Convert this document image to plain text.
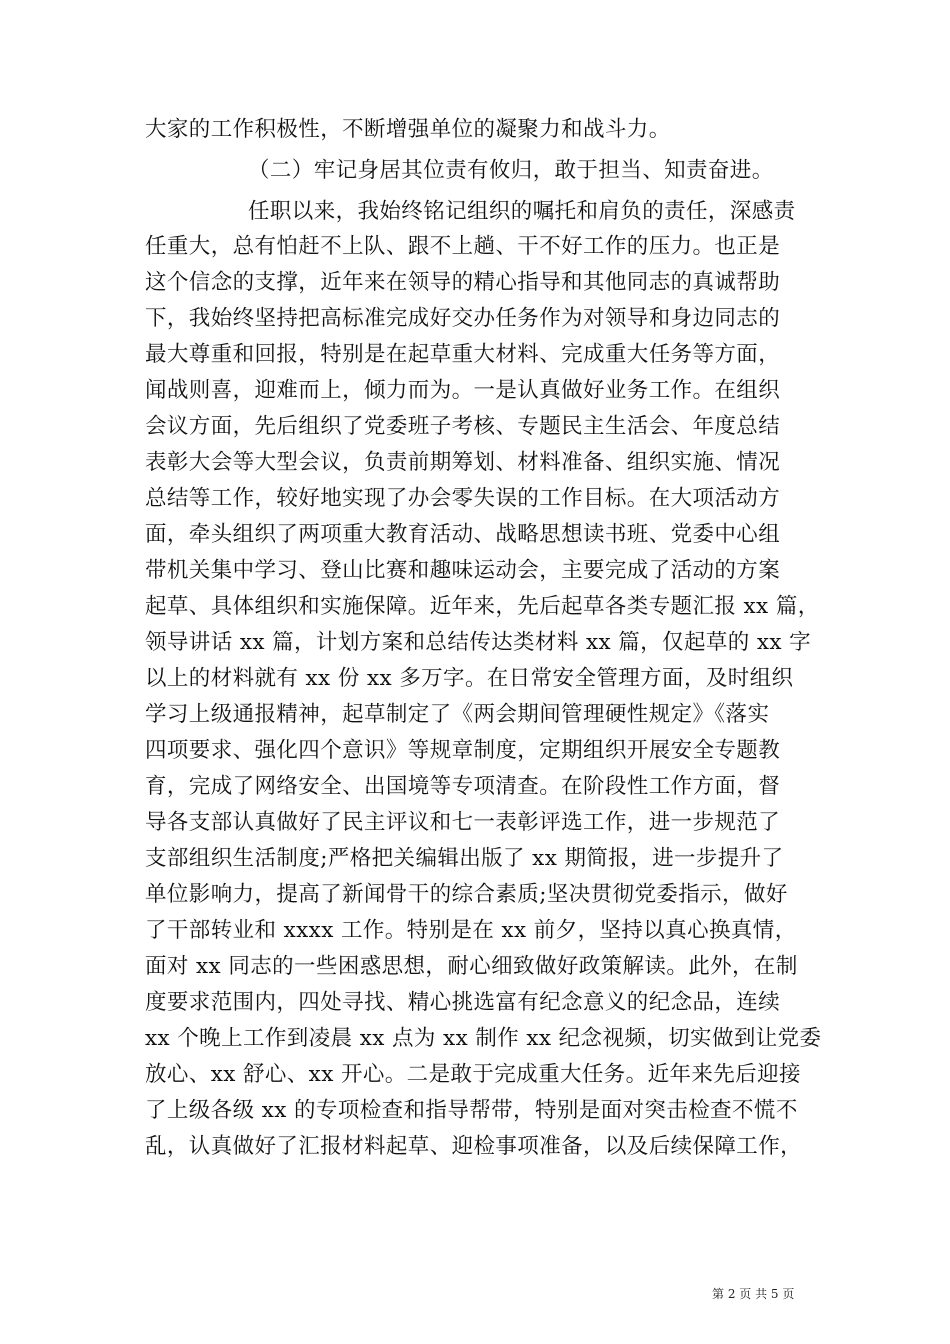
大家的工作积极性，不断增强单位的凝聚力和战斗力。
（二）牢记身居其位责有攸归，敢于担当、知责奋进。
任职以来，我始终铭记组织的嘱托和肩负的责任，深感责
任重大，总有怕赶不上队、跟不上趟、干不好工作的压力。也正是
这个信念的支撑，近年来在领导的精心指导和其他同志的真诚帮助
下，我始终坚持把高标准完成好交办任务作为对领导和身边同志的
最大尊重和回报，特别是在起草重大材料、完成重大任务等方面，
闻战则喜，迎难而上，倾力而为。一是认真做好业务工作。在组织
会议方面，先后组织了党委班子考核、专题民主生活会、年度总结
表彰大会等大型会议，负责前期筹划、材料准备、组织实施、情况
总结等工作，较好地实现了办会零失误的工作目标。在大项活动方
面，牵头组织了两项重大教育活动、战略思想读书班、党委中心组
带机关集中学习、登山比赛和趣味运动会，主要完成了活动的方案
起草、具体组织和实施保障。近年来，先后起草各类专题汇报 xx 篇，
领导讲话 xx 篇，计划方案和总结传达类材料 xx 篇，仅起草的 xx 字
以上的材料就有 xx 份 xx 多万字。在日常安全管理方面，及时组织
学习上级通报精神，起草制定了《两会期间管理硬性规定》《落实
四项要求、强化四个意识》等规章制度，定期组织开展安全专题教
育，完成了网络安全、出国境等专项清查。在阶段性工作方面，督
导各支部认真做好了民主评议和七一表彰评选工作，进一步规范了
支部组织生活制度;严格把关编辑出版了 xx 期简报，进一步提升了
单位影响力，提高了新闻骨干的综合素质;坚决贯彻党委指示，做好
了干部转业和 xxxx 工作。特别是在 xx 前夕，坚持以真心换真情，
面对 xx 同志的一些困惑思想，耐心细致做好政策解读。此外，在制
度要求范围内，四处寻找、精心挑选富有纪念意义的纪念品，连续
xx 个晚上工作到凌晨 xx 点为 xx 制作 xx 纪念视频，切实做到让党委
放心、xx 舒心、xx 开心。二是敢于完成重大任务。近年来先后迎接
了上级各级 xx 的专项检查和指导帮带，特别是面对突击检查不慌不
乱，认真做好了汇报材料起草、迎检事项准备，以及后续保障工作，
第 2 页 共 5 页
